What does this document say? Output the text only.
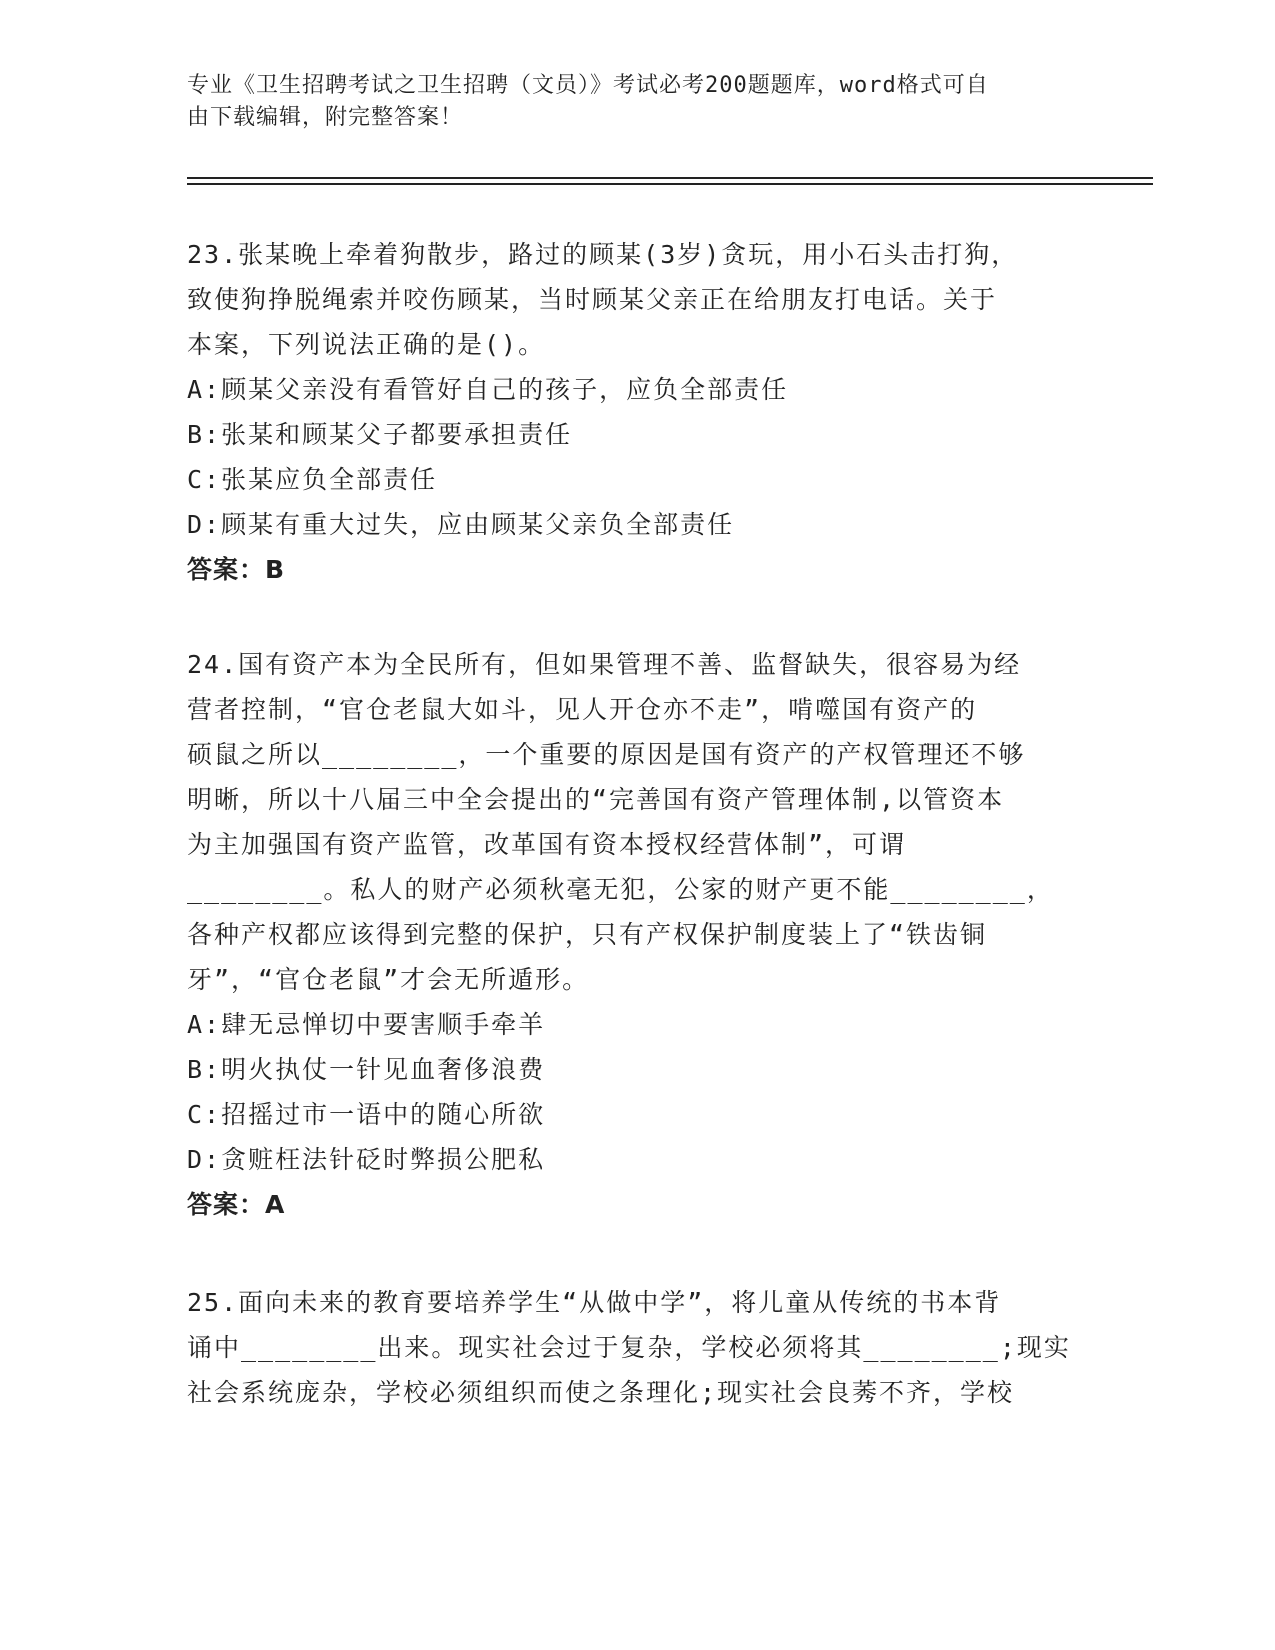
专业《卫生招聘考试之卫生招聘（文员）》考试必考200题题库，word格式可自
由下载编辑，附完整答案！

23.张某晚上牵着狗散步，路过的顾某(3岁)贪玩，用小石头击打狗，

致使狗挣脱绳索并咬伤顾某，当时顾某父亲正在给朋友打电话。关于

本案，下列说法正确的是()。

A:顾某父亲没有看管好自己的孩子，应负全部责任

B:张某和顾某父子都要承担责任

C:张某应负全部责任

D:顾某有重大过失，应由顾某父亲负全部责任

答案：B

24.国有资产本为全民所有，但如果管理不善、监督缺失，很容易为经

营者控制，“官仓老鼠大如斗，见人开仓亦不走”，啃噬国有资产的

硕鼠之所以________，一个重要的原因是国有资产的产权管理还不够

明晰，所以十八届三中全会提出的“完善国有资产管理体制,以管资本

为主加强国有资产监管，改革国有资本授权经营体制”，可谓

________。私人的财产必须秋毫无犯，公家的财产更不能________，

各种产权都应该得到完整的保护，只有产权保护制度装上了“铁齿铜

牙”，“官仓老鼠”才会无所遁形。

A:肆无忌惮切中要害顺手牵羊

B:明火执仗一针见血奢侈浪费

C:招摇过市一语中的随心所欲

D:贪赃枉法针砭时弊损公肥私

答案：A

25.面向未来的教育要培养学生“从做中学”，将儿童从传统的书本背

诵中________出来。现实社会过于复杂，学校必须将其________;现实

社会系统庞杂，学校必须组织而使之条理化;现实社会良莠不齐，学校
